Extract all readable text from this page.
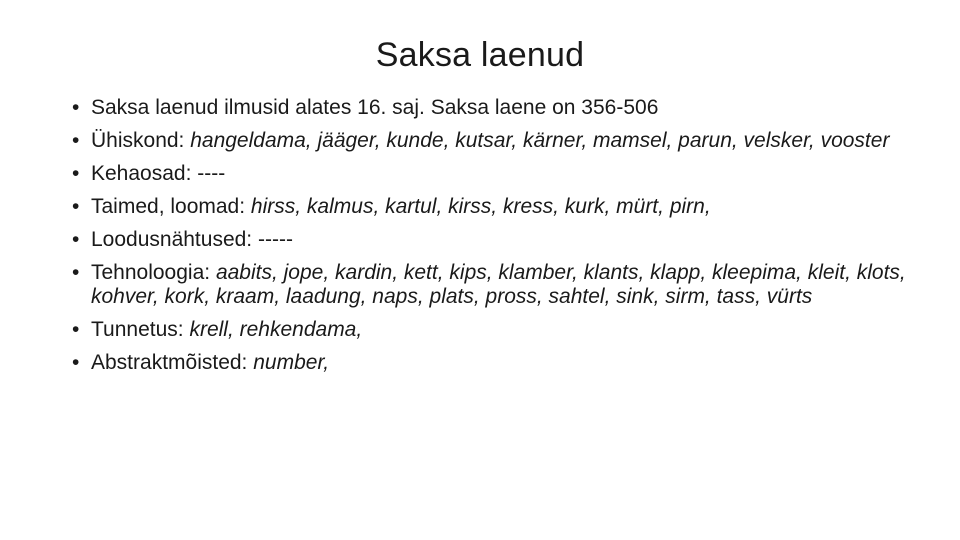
Saksa laenud
• Saksa laenud ilmusid alates 16. saj. Saksa laene on 356-506
• Ühiskond: hangeldama, jääger, kunde, kutsar, kärner, mamsel, parun, velsker, vooster
• Kehaosad: ----
• Taimed, loomad: hirss, kalmus, kartul, kirss, kress, kurk, mürt, pirn,
• Loodusnähtused: -----
• Tehnoloogia: aabits, jope, kardin, kett, kips, klamber, klants, klapp, kleepima, kleit, klots, kohver, kork, kraam, laadung, naps, plats, pross, sahtel, sink, sirm, tass, vürts
• Tunnetus: krell, rehkendama,
• Abstraktmõisted: number,
